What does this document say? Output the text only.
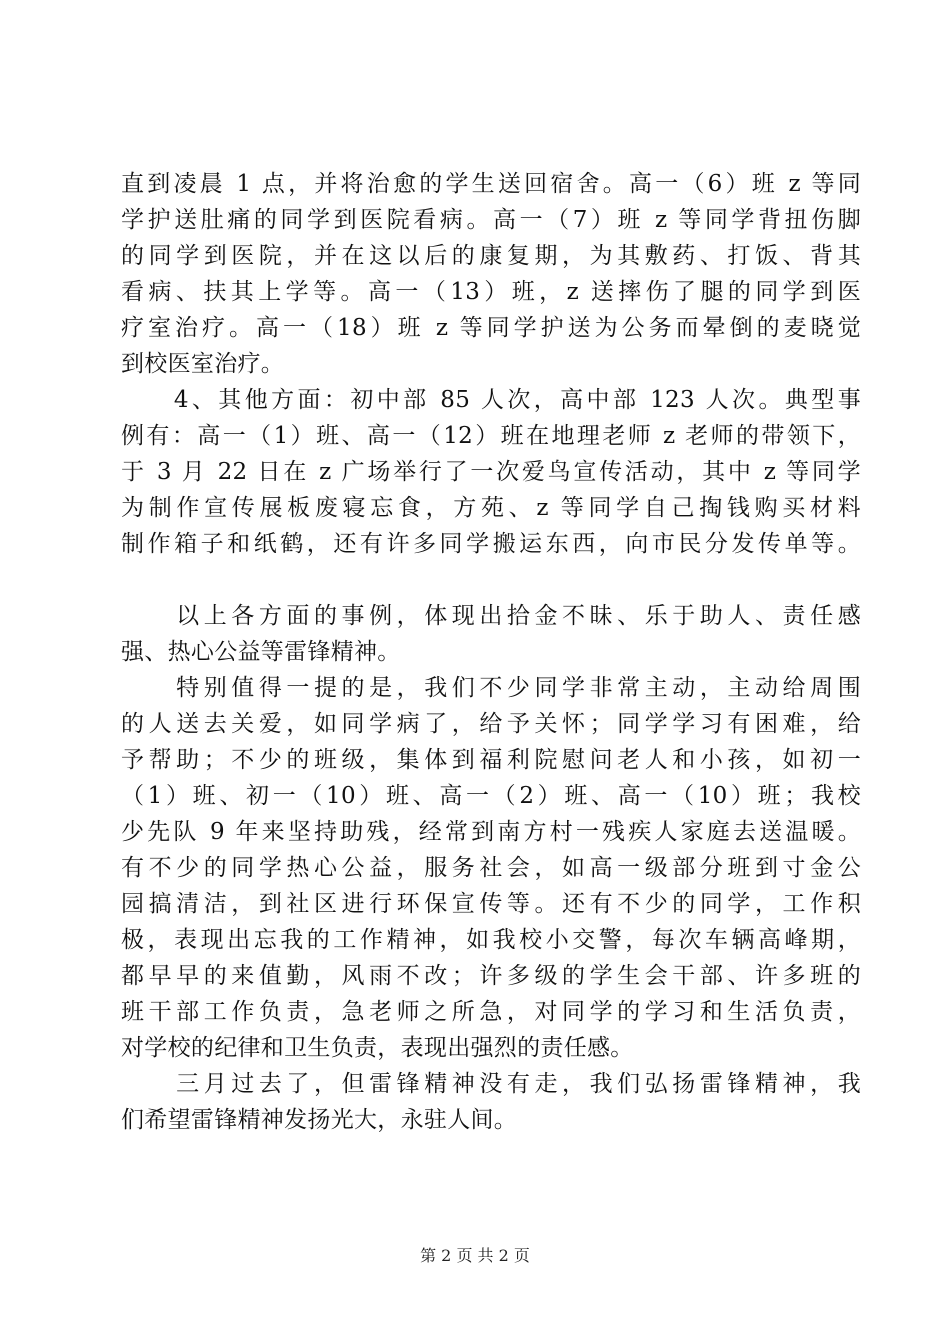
直到凌晨 1 点，并将治愈的学生送回宿舍。高一（6）班 z 等同
学护送肚痛的同学到医院看病。高一（7）班 z 等同学背扭伤脚
的同学到医院，并在这以后的康复期，为其敷药、打饭、背其
看病、扶其上学等。高一（13）班，z 送摔伤了腿的同学到医
疗室治疗。高一（18）班 z 等同学护送为公务而晕倒的麦晓觉
到校医室治疗。
　　4、其他方面：初中部 85 人次，高中部 123 人次。典型事
例有：高一（1）班、高一（12）班在地理老师 z 老师的带领下，
于 3 月 22 日在 z 广场举行了一次爱鸟宣传活动，其中 z 等同学
为制作宣传展板废寝忘食，方苑、z 等同学自己掏钱购买材料
制作箱子和纸鹤，还有许多同学搬运东西，向市民分发传单等。
　　以上各方面的事例，体现出拾金不昧、乐于助人、责任感
强、热心公益等雷锋精神。
　　特别值得一提的是，我们不少同学非常主动，主动给周围
的人送去关爱，如同学病了，给予关怀；同学学习有困难，给
予帮助；不少的班级，集体到福利院慰问老人和小孩，如初一
（1）班、初一（10）班、高一（2）班、高一（10）班；我校
少先队 9 年来坚持助残，经常到南方村一残疾人家庭去送温暖。
有不少的同学热心公益，服务社会，如高一级部分班到寸金公
园搞清洁，到社区进行环保宣传等。还有不少的同学，工作积
极，表现出忘我的工作精神，如我校小交警，每次车辆高峰期，
都早早的来值勤，风雨不改；许多级的学生会干部、许多班的
班干部工作负责，急老师之所急，对同学的学习和生活负责，
对学校的纪律和卫生负责，表现出强烈的责任感。
　　三月过去了，但雷锋精神没有走，我们弘扬雷锋精神，我
们希望雷锋精神发扬光大，永驻人间。
第 2 页 共 2 页
